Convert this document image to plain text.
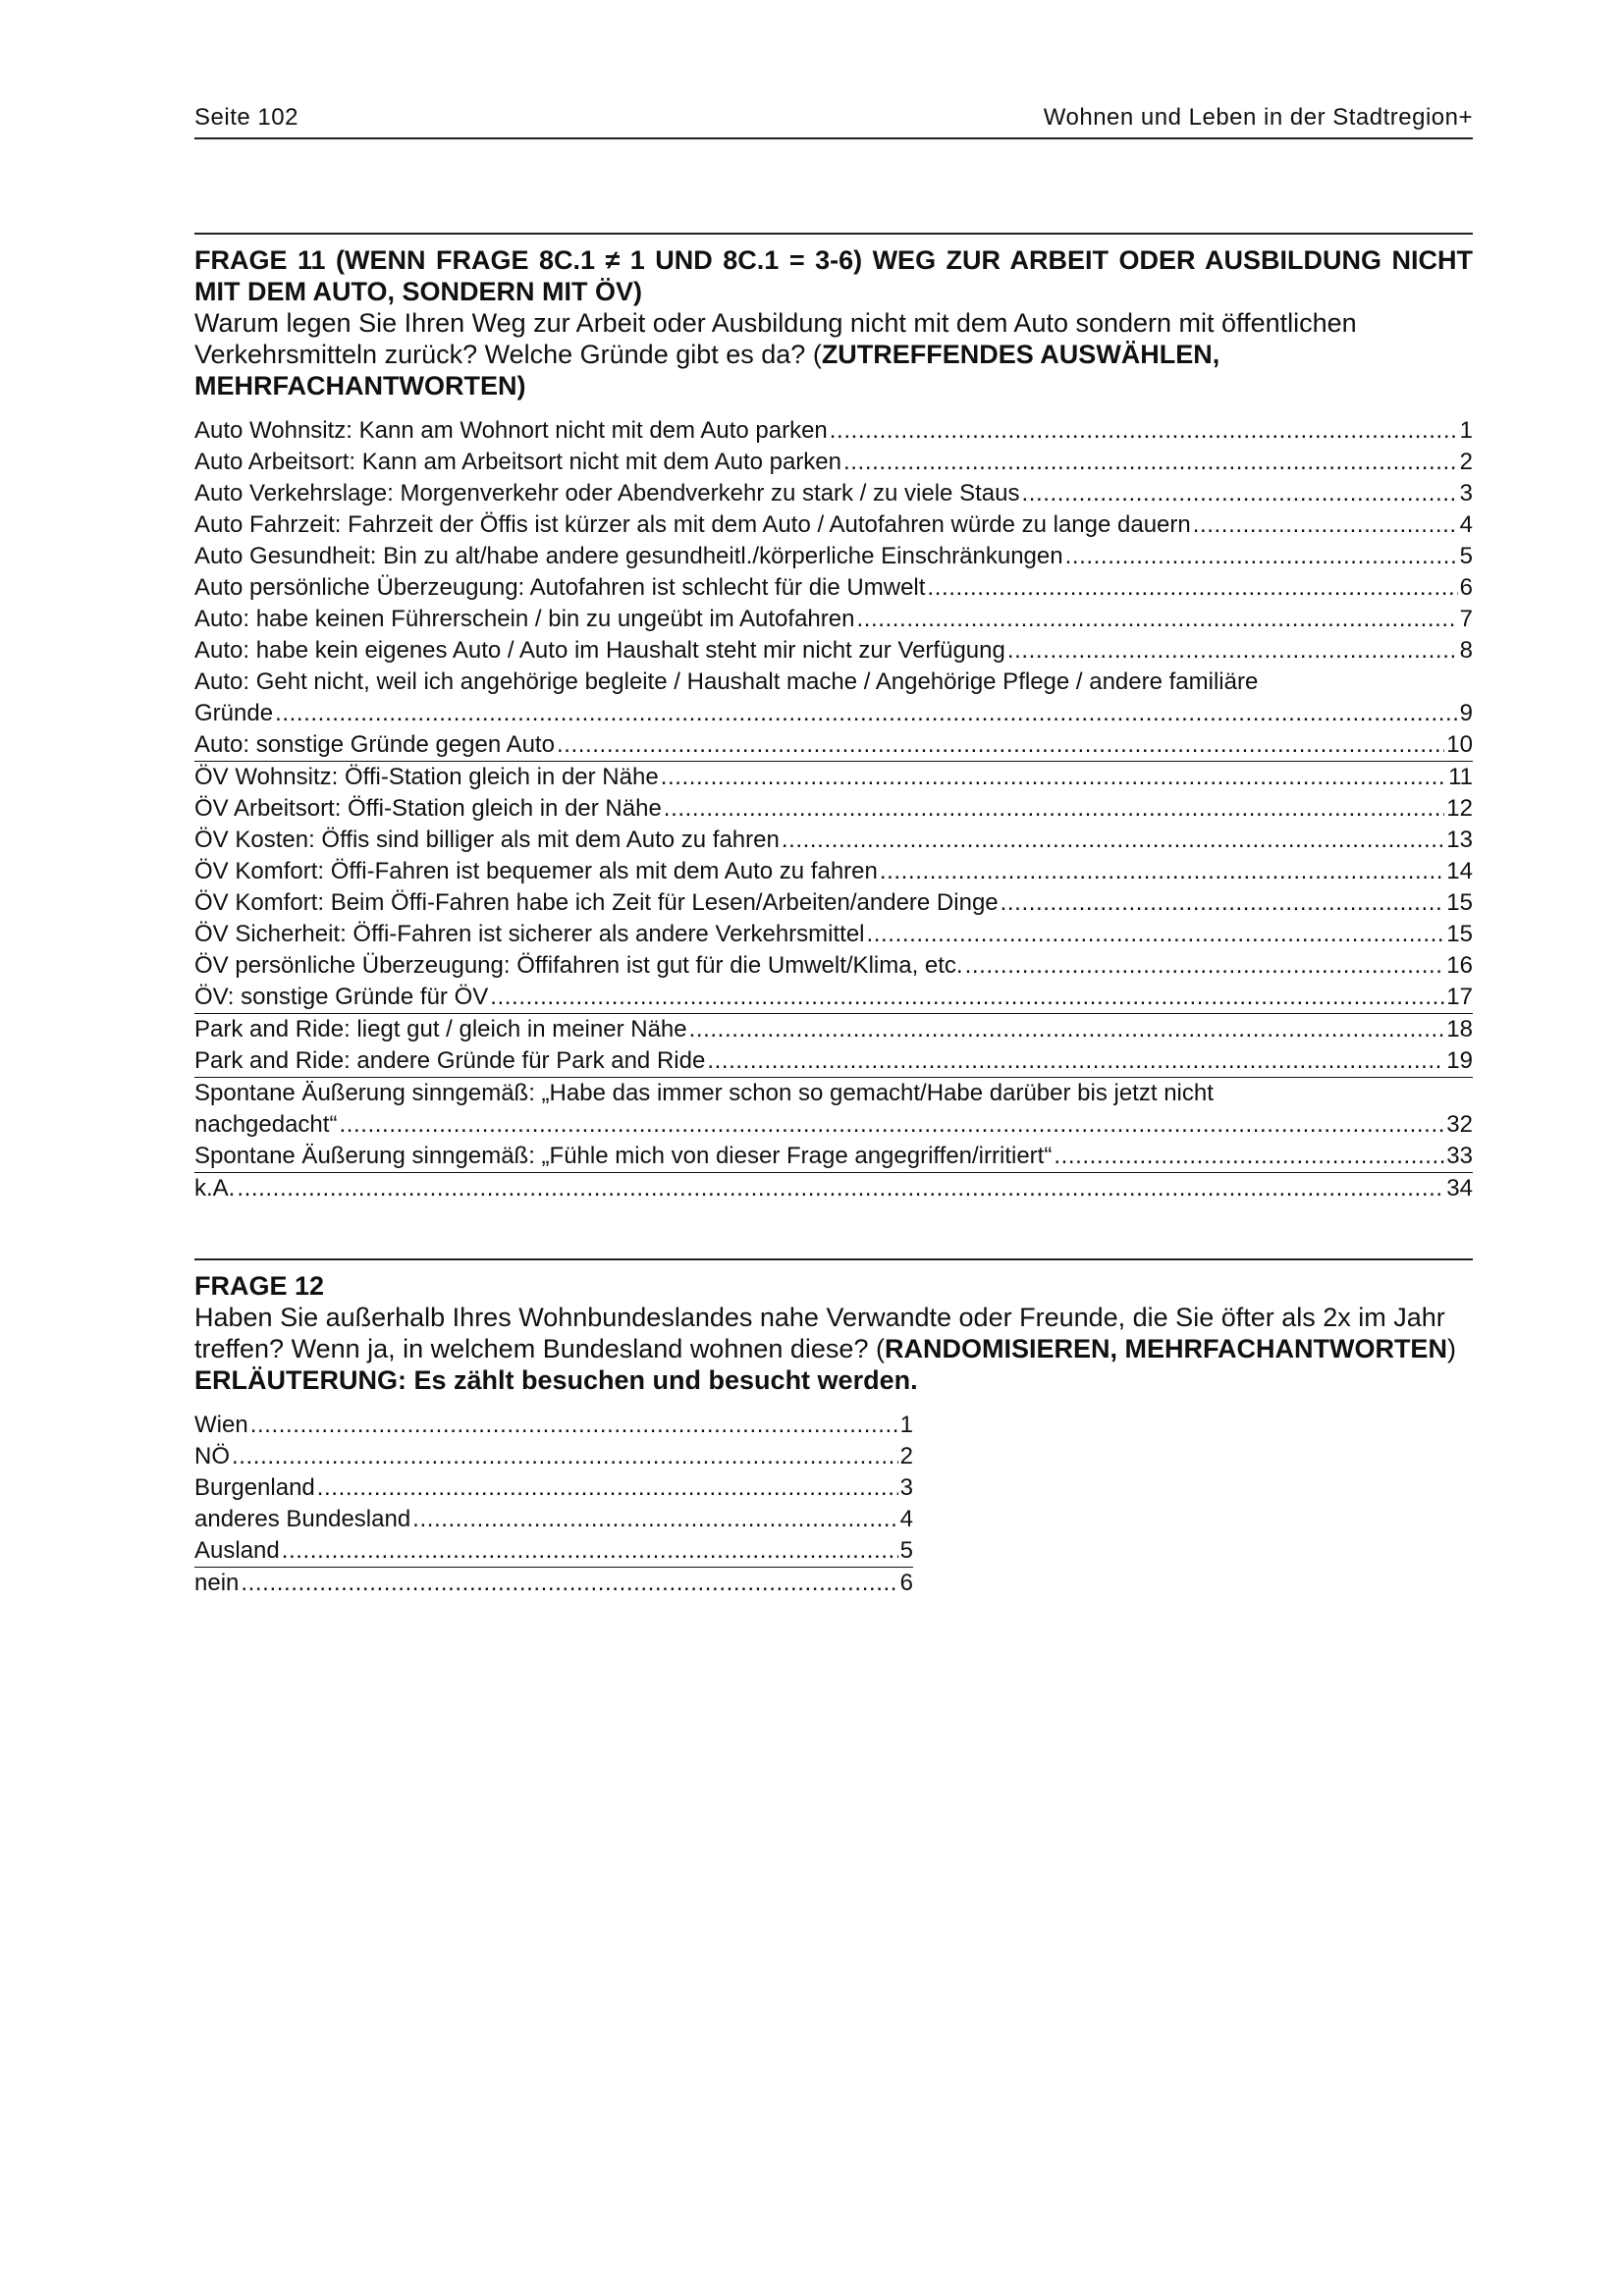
Seite 102	Wohnen und Leben in der Stadtregion+
FRAGE 11 (WENN FRAGE 8C.1 ≠ 1 UND 8C.1 = 3-6) WEG ZUR ARBEIT ODER AUSBILDUNG NICHT MIT DEM AUTO, SONDERN MIT ÖV)
Warum legen Sie Ihren Weg zur Arbeit oder Ausbildung nicht mit dem Auto sondern mit öffentlichen Verkehrsmitteln zurück? Welche Gründe gibt es da? (ZUTREFFENDES AUSWÄHLEN, MEHRFACHANTWORTEN)
Auto Wohnsitz: Kann am Wohnort nicht mit dem Auto parken .....	1
Auto Arbeitsort: Kann am Arbeitsort nicht mit dem Auto parken .....	2
Auto Verkehrslage: Morgenverkehr oder Abendverkehr zu stark / zu viele Staus .....	3
Auto Fahrzeit: Fahrzeit der Öffis ist kürzer als mit dem Auto / Autofahren würde zu lange dauern .....	4
Auto Gesundheit: Bin zu alt/habe andere gesundheitl./körperliche Einschränkungen .....	5
Auto persönliche Überzeugung: Autofahren ist schlecht für die Umwelt .....	6
Auto: habe keinen Führerschein / bin zu ungeübt im Autofahren .....	7
Auto: habe kein eigenes Auto / Auto im Haushalt steht mir nicht zur Verfügung .....	8
Auto: Geht nicht, weil ich angehörige begleite / Haushalt mache / Angehörige Pflege / andere familiäre
Gründe .....	9
Auto: sonstige Gründe gegen Auto .....	10
ÖV Wohnsitz: Öffi-Station gleich in der Nähe .....	11
ÖV Arbeitsort: Öffi-Station gleich in der Nähe .....	12
ÖV Kosten: Öffis sind billiger als mit dem Auto zu fahren .....	13
ÖV Komfort: Öffi-Fahren ist bequemer als mit dem Auto zu fahren .....	14
ÖV Komfort: Beim Öffi-Fahren habe ich Zeit für Lesen/Arbeiten/andere Dinge .....	15
ÖV Sicherheit: Öffi-Fahren ist sicherer als andere Verkehrsmittel .....	15
ÖV persönliche Überzeugung: Öffifahren ist gut für die Umwelt/Klima, etc. .....	16
ÖV: sonstige Gründe für ÖV .....	17
Park and Ride: liegt gut / gleich in meiner Nähe .....	18
Park and Ride: andere Gründe für Park and Ride .....	19
Spontane Äußerung sinngemäß: „Habe das immer schon so gemacht/Habe darüber bis jetzt nicht
nachgedacht“ .....	32
Spontane Äußerung sinngemäß: „Fühle mich von dieser Frage angegriffen/irritiert“ .....	33
k.A. .....	34
FRAGE 12
Haben Sie außerhalb Ihres Wohnbundeslandes nahe Verwandte oder Freunde, die Sie öfter als 2x im Jahr treffen? Wenn ja, in welchem Bundesland wohnen diese? (RANDOMISIEREN, MEHRFACHANTWORTEN)
ERLÄUTERUNG: Es zählt besuchen und besucht werden.
Wien .....	1
NÖ .....	2
Burgenland .....	3
anderes Bundesland .....	4
Ausland .....	5
nein .....	6
